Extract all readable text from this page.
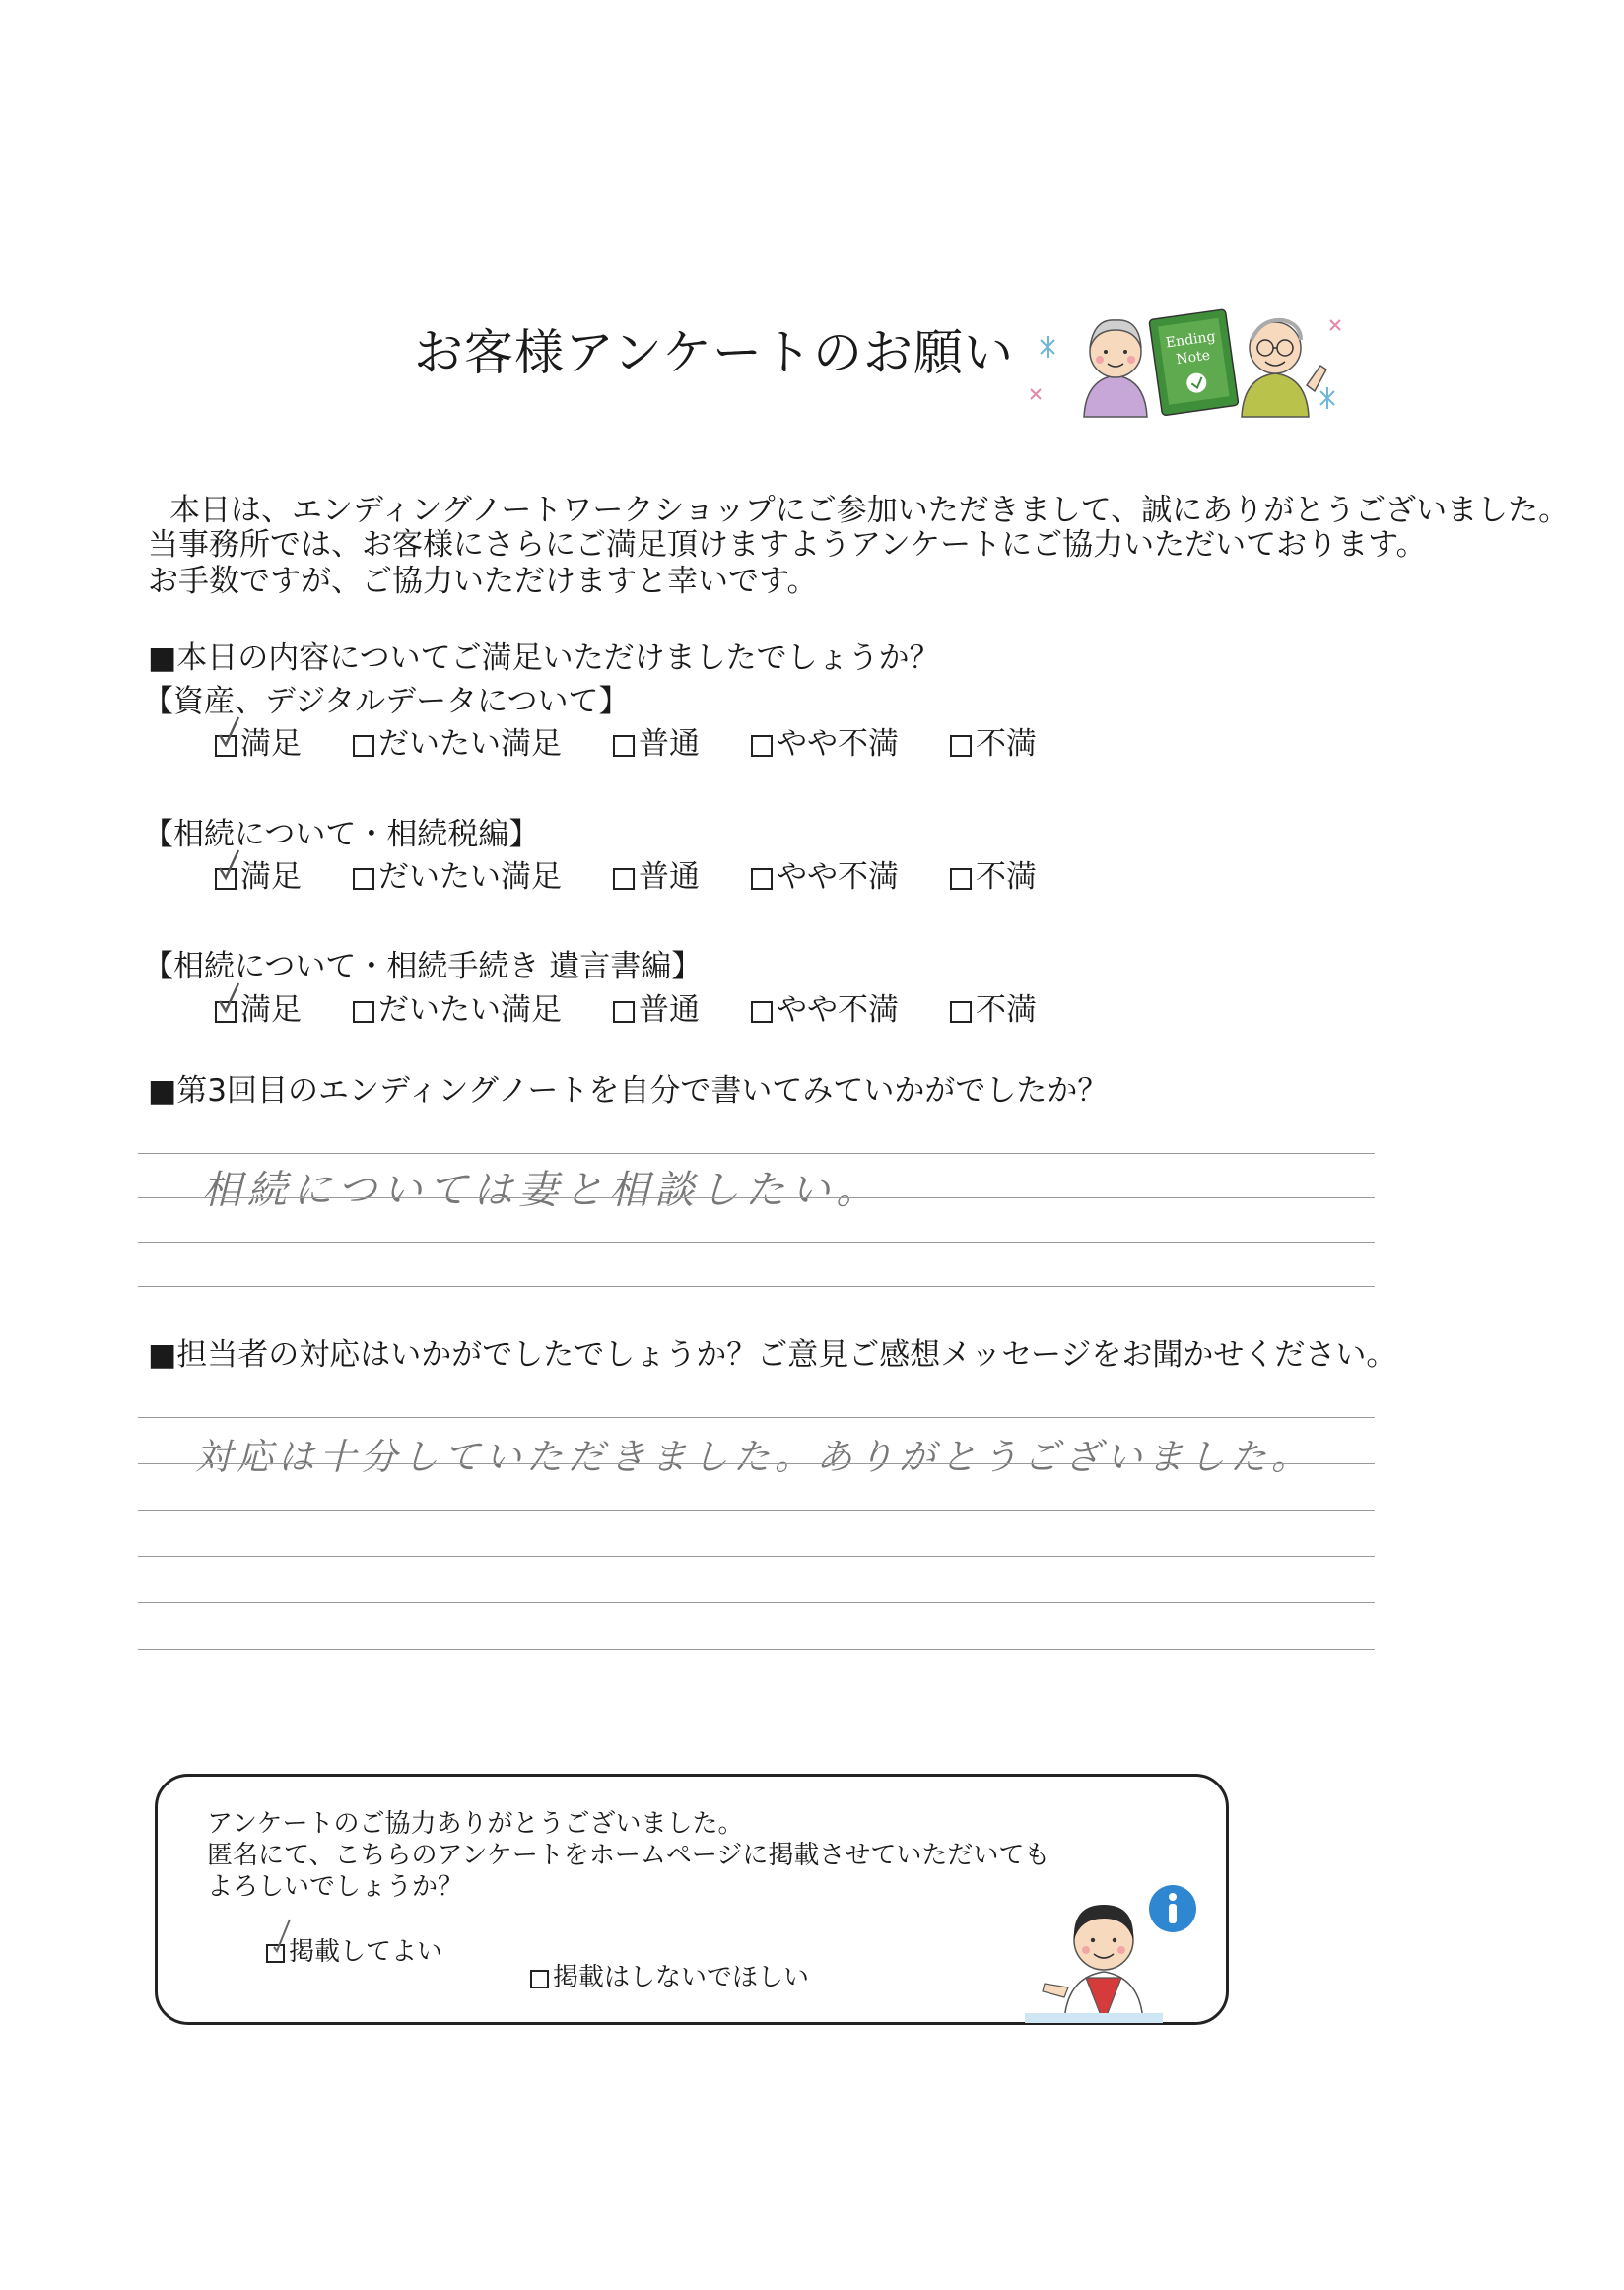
お客様アンケートのお願い	Ending
Note
本日は、エンディングノートワークショップにご参加いただきまして、誠にありがとうございました。
当事務所では、お客様にさらにご満足頂けますようアンケートにご協力いただいております。
お手数ですが、ご協力いただけますと幸いです。
■本日の内容についてご満足いただけましたでしょうか？
【資産、デジタルデータについて】
満足	だいたい満足	普通	やや不満	不満
【相続について・相続税編】
満足	だいたい満足	普通	やや不満	不満
【相続について・相続手続き 遺言書編】
満足	だいたい満足	普通	やや不満	不満
■第3回目のエンディングノートを自分で書いてみていかがでしたか？
相続については妻と相談したい。
■担当者の対応はいかがでしたでしょうか？ご意見ご感想メッセージをお聞かせください。
対応は十分していただきました。ありがとうございました。
アンケートのご協力ありがとうございました。
匿名にて、こちらのアンケートをホームページに掲載させていただいても
よろしいでしょうか？
掲載してよい
掲載はしないでほしい
